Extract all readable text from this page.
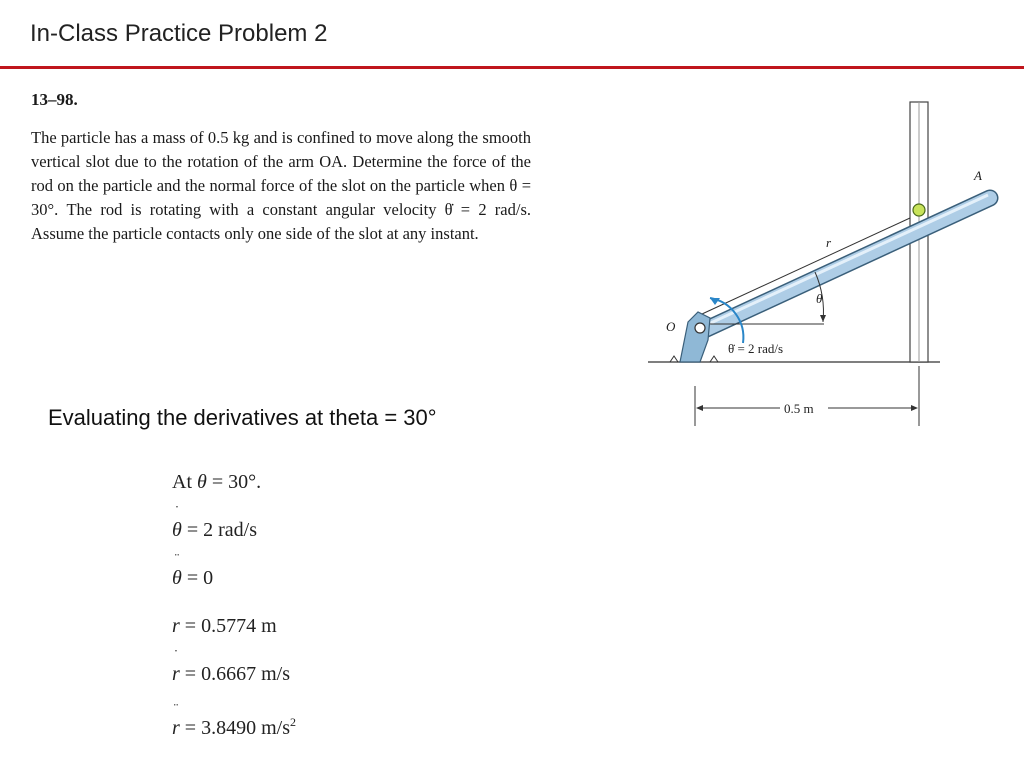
In-Class Practice Problem 2
13–98.
The particle has a mass of 0.5 kg and is confined to move along the smooth vertical slot due to the rotation of the arm OA. Determine the force of the rod on the particle and the normal force of the slot on the particle when θ = 30°. The rod is rotating with a constant angular velocity θ̇ = 2 rad/s. Assume the particle contacts only one side of the slot at any instant.
A
r
θ
O
θ̇ = 2 rad/s
0.5 m
Evaluating the derivatives at theta = 30°
At θ = 30°.
θ ˙ = 2 rad/s
θ ¨ = 0
r = 0.5774 m
r ˙ = 0.6667 m/s
r ¨ = 3.8490 $m/s^2$
